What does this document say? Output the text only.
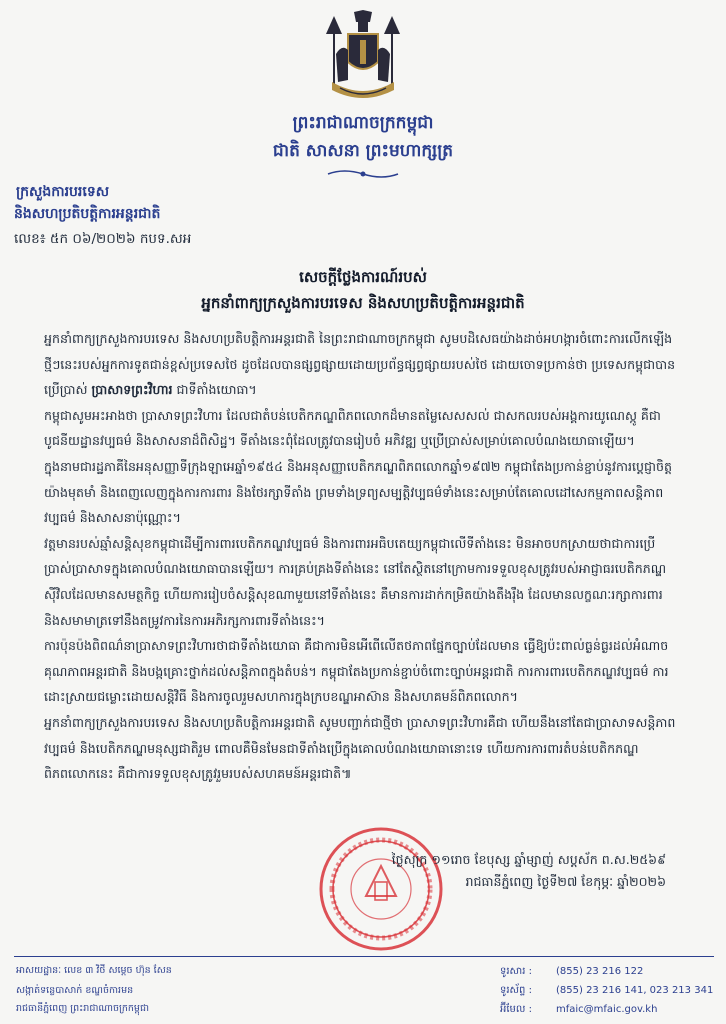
ព្រះរាជាណាចក្រកម្ពុជា
ជាតិ សាសនា ព្រះមហាក្សត្រ
ក្រសួងការបរទេស
និងសហប្រតិបត្តិការអន្តរជាតិ
លេខ៖ ៥ក ០៦/២០២៦ កបទ.សអ
សេចក្តីថ្លែងការណ៍របស់
អ្នកនាំពាក្យក្រសួងការបរទេស និងសហប្រតិបត្តិការអន្តរជាតិ

អ្នកនាំពាក្យក្រសួងការបរទេស និងសហប្រតិបត្តិការអន្តរជាតិ នៃព្រះរាជាណាចក្រកម្ពុជា សូមបដិសេធយ៉ាងដាច់អហង្ការចំពោះការលើកឡើងថ្មីៗនេះរបស់អ្នកការទូតជាន់ខ្ពស់ប្រទេសថៃ ដូចដែលបានផ្សព្វផ្សាយដោយប្រព័ន្ធផ្សព្វផ្សាយរបស់ថៃ ដោយចោទប្រកាន់ថា ប្រទេសកម្ពុជាបានប្រើប្រាស់ ប្រាសាទព្រះវិហារ ជាទីតាំងយោធា។

កម្ពុជាសូមអះអាងថា ប្រាសាទព្រះវិហារ ដែលជាតំបន់បេតិកភណ្ឌពិភពលោកដ៏មានតម្លៃសេសសល់ ជាសកលរបស់អង្គការយូណេស្កូ គឺជាបូជនីយដ្ឋានវប្បធម៌ និងសាសនាដ៏ពិសិដ្ឋ។ ទីតាំងនេះពុំដែលត្រូវបានរៀបចំ អភិវឌ្ឍ ឬប្រើប្រាស់សម្រាប់គោលបំណងយោធាឡើយ។

ក្នុងនាមជារដ្ឋភាគីនៃអនុសញ្ញាទីក្រុងឡាអេឆ្នាំ១៩៥៤ និងអនុសញ្ញាបេតិកភណ្ឌពិភពលោកឆ្នាំ១៩៧២ កម្ពុជាតែងប្រកាន់ខ្ជាប់នូវការប្តេជ្ញាចិត្តយ៉ាងមុតមាំ និងពេញលេញក្នុងការការពារ និងថែរក្សាទីតាំង ព្រមទាំងទ្រព្យសម្បត្តិវប្បធម៌ទាំងនេះសម្រាប់តែគោលដៅសេកម្មភាពសន្តិភាព វប្បធម៌ និងសាសនាប៉ុណ្ណោះ។

វត្តមានរបស់ឆ្មាំសន្តិសុខកម្ពុជាដើម្បីការពារបេតិកភណ្ឌវប្បធម៌ និងការពារអធិបតេយ្យកម្ពុជាលើទីតាំងនេះ មិនអាចបកស្រាយថាជាការប្រើប្រាស់ប្រាសាទក្នុងគោលបំណងយោធាបានឡើយ។ ការគ្រប់គ្រងទីតាំងនេះ នៅតែស្ថិតនៅក្រោមការទទួលខុសត្រូវរបស់អាជ្ញាធរបេតិកភណ្ឌស៊ីវិលដែលមានសមត្ថកិច្ច ហើយការរៀបចំសន្តិសុខណាមួយនៅទីតាំងនេះ គឺមានការដាក់កម្រិតយ៉ាងតឹងរ៉ឹង ដែលមានលក្ខណៈរក្សាការពារ និងសមាមាត្រទៅនឹងតម្រូវការនៃការអភិរក្សការពារទីតាំងនេះ។

ការប៉ុនប៉ងពិពណ៌នាប្រាសាទព្រះវិហារថាជាទីតាំងយោធា គឺជាការមិនអើពើលើតថភាពផ្នែកច្បាប់ដែលមាន ធ្វើឱ្យប៉ះពាល់ធ្ងន់ធ្ងរដល់អំណាចគុណភាពអន្តរជាតិ និងបង្កគ្រោះថ្នាក់ដល់សន្តិភាពក្នុងតំបន់។ កម្ពុជាតែងប្រកាន់ខ្ជាប់ចំពោះច្បាប់អន្តរជាតិ ការការពារបេតិកភណ្ឌវប្បធម៌ ការដោះស្រាយជម្លោះដោយសន្តិវិធី និងការចូលរួមសហការក្នុងក្របខណ្ឌអាស៊ាន និងសហគមន៍ពិភពលោក។

អ្នកនាំពាក្យក្រសួងការបរទេស និងសហប្រតិបត្តិការអន្តរជាតិ សូមបញ្ជាក់ជាថ្មីថា ប្រាសាទព្រះវិហារគឺជា ហើយនឹងនៅតែជាប្រាសាទសន្តិភាព វប្បធម៌ និងបេតិកភណ្ឌមនុស្សជាតិរួម ពោលគឺមិនមែនជាទីតាំងប្រើក្នុងគោលបំណងយោធានោះទេ ហើយការការពារតំបន់បេតិកភណ្ឌពិភពលោកនេះ គឺជាការទទួលខុសត្រូវរួមរបស់សហគមន៍អន្តរជាតិ៕

ថ្ងៃសុក្រ ១១រោច ខែបុស្ស ឆ្នាំម្សាញ់ សប្តស័ក ព.ស.២៥៦៩
រាជធានីភ្នំពេញ ថ្ងៃទី២៧ ខែកុម្ភៈ ឆ្នាំ២០២៦
អាសយដ្ឋានៈ លេខ ៣ វិថី សម្តេច ហ៊ុន សែន
សង្កាត់ទន្លេបាសាក់ ខណ្ឌចំការមន
រាជធានីភ្នំពេញ ព្រះរាជាណាចក្រកម្ពុជា
ទូរសារ : (855) 23 216 122
ទូរស័ព្ទ : (855) 23 216 141, 023 213 341
អ៊ីមែល : mfaic@mfaic.gov.kh
